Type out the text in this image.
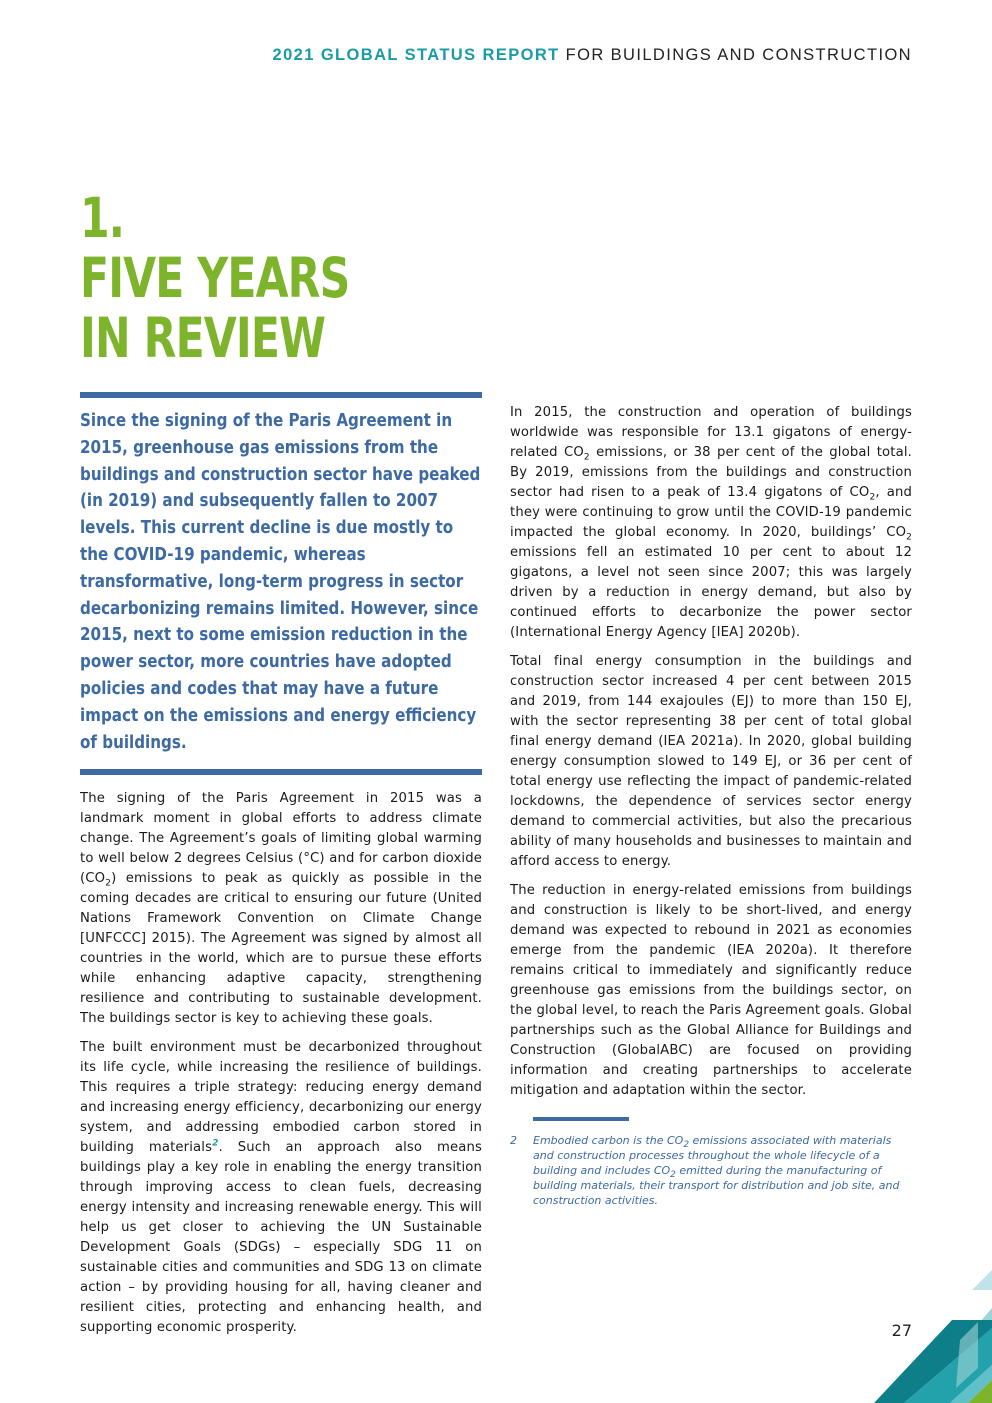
2021 GLOBAL STATUS REPORT FOR BUILDINGS AND CONSTRUCTION
1.
FIVE YEARS
IN REVIEW

Since the signing of the Paris Agreement in 2015, greenhouse gas emissions from the buildings and construction sector have peaked (in 2019) and subsequently fallen to 2007 levels. This current decline is due mostly to the COVID-19 pandemic, whereas transformative, long-term progress in sector decarbonizing remains limited. However, since 2015, next to some emission reduction in the power sector, more countries have adopted policies and codes that may have a future impact on the emissions and energy efficiency of buildings.

The signing of the Paris Agreement in 2015 was a landmark moment in global efforts to address climate change. The Agreement’s goals of limiting global warming to well below 2 degrees Celsius (°C) and for carbon dioxide $(CO_2)$ emissions to peak as quickly as possible in the coming decades are critical to ensuring our future (United Nations Framework Convention on Climate Change [UNFCCC] 2015). The Agreement was signed by almost all countries in the world, which are to pursue these efforts while enhancing adaptive capacity, strengthening resilience and contributing to sustainable development. The buildings sector is key to achieving these goals.

The built environment must be decarbonized throughout its life cycle, while increasing the resilience of buildings. This requires a triple strategy: reducing energy demand and increasing energy efficiency, decarbonizing our energy system, and addressing embodied carbon stored in building materials$^2$. Such an approach also means buildings play a key role in enabling the energy transition through improving access to clean fuels, decreasing energy intensity and increasing renewable energy. This will help us get closer to achieving the UN Sustainable Development Goals (SDGs) – especially SDG 11 on sustainable cities and communities and SDG 13 on climate action – by providing housing for all, having cleaner and resilient cities, protecting and enhancing health, and supporting economic prosperity.

In 2015, the construction and operation of buildings worldwide was responsible for 13.1 gigatons of energy-related $CO_2$ emissions, or 38 per cent of the global total. By 2019, emissions from the buildings and construction sector had risen to a peak of 13.4 gigatons of $CO_2$, and they were continuing to grow until the COVID-19 pandemic impacted the global economy. In 2020, buildings’ $CO_2$ emissions fell an estimated 10 per cent to about 12 gigatons, a level not seen since 2007; this was largely driven by a reduction in energy demand, but also by continued efforts to decarbonize the power sector (International Energy Agency [IEA] 2020b).

Total final energy consumption in the buildings and construction sector increased 4 per cent between 2015 and 2019, from 144 exajoules (EJ) to more than 150 EJ, with the sector representing 38 per cent of total global final energy demand (IEA 2021a). In 2020, global building energy consumption slowed to 149 EJ, or 36 per cent of total energy use reflecting the impact of pandemic-related lockdowns, the dependence of services sector energy demand to commercial activities, but also the precarious ability of many households and businesses to maintain and afford access to energy.

The reduction in energy-related emissions from buildings and construction is likely to be short-lived, and energy demand was expected to rebound in 2021 as economies emerge from the pandemic (IEA 2020a). It therefore remains critical to immediately and significantly reduce greenhouse gas emissions from the buildings sector, on the global level, to reach the Paris Agreement goals. Global partnerships such as the Global Alliance for Buildings and Construction (GlobalABC) are focused on providing information and creating partnerships to accelerate mitigation and adaptation within the sector.

2 Embodied carbon is the $CO_2$ emissions associated with materials and construction processes throughout the whole lifecycle of a building and includes $CO_2$ emitted during the manufacturing of building materials, their transport for distribution and job site, and construction activities.
27
